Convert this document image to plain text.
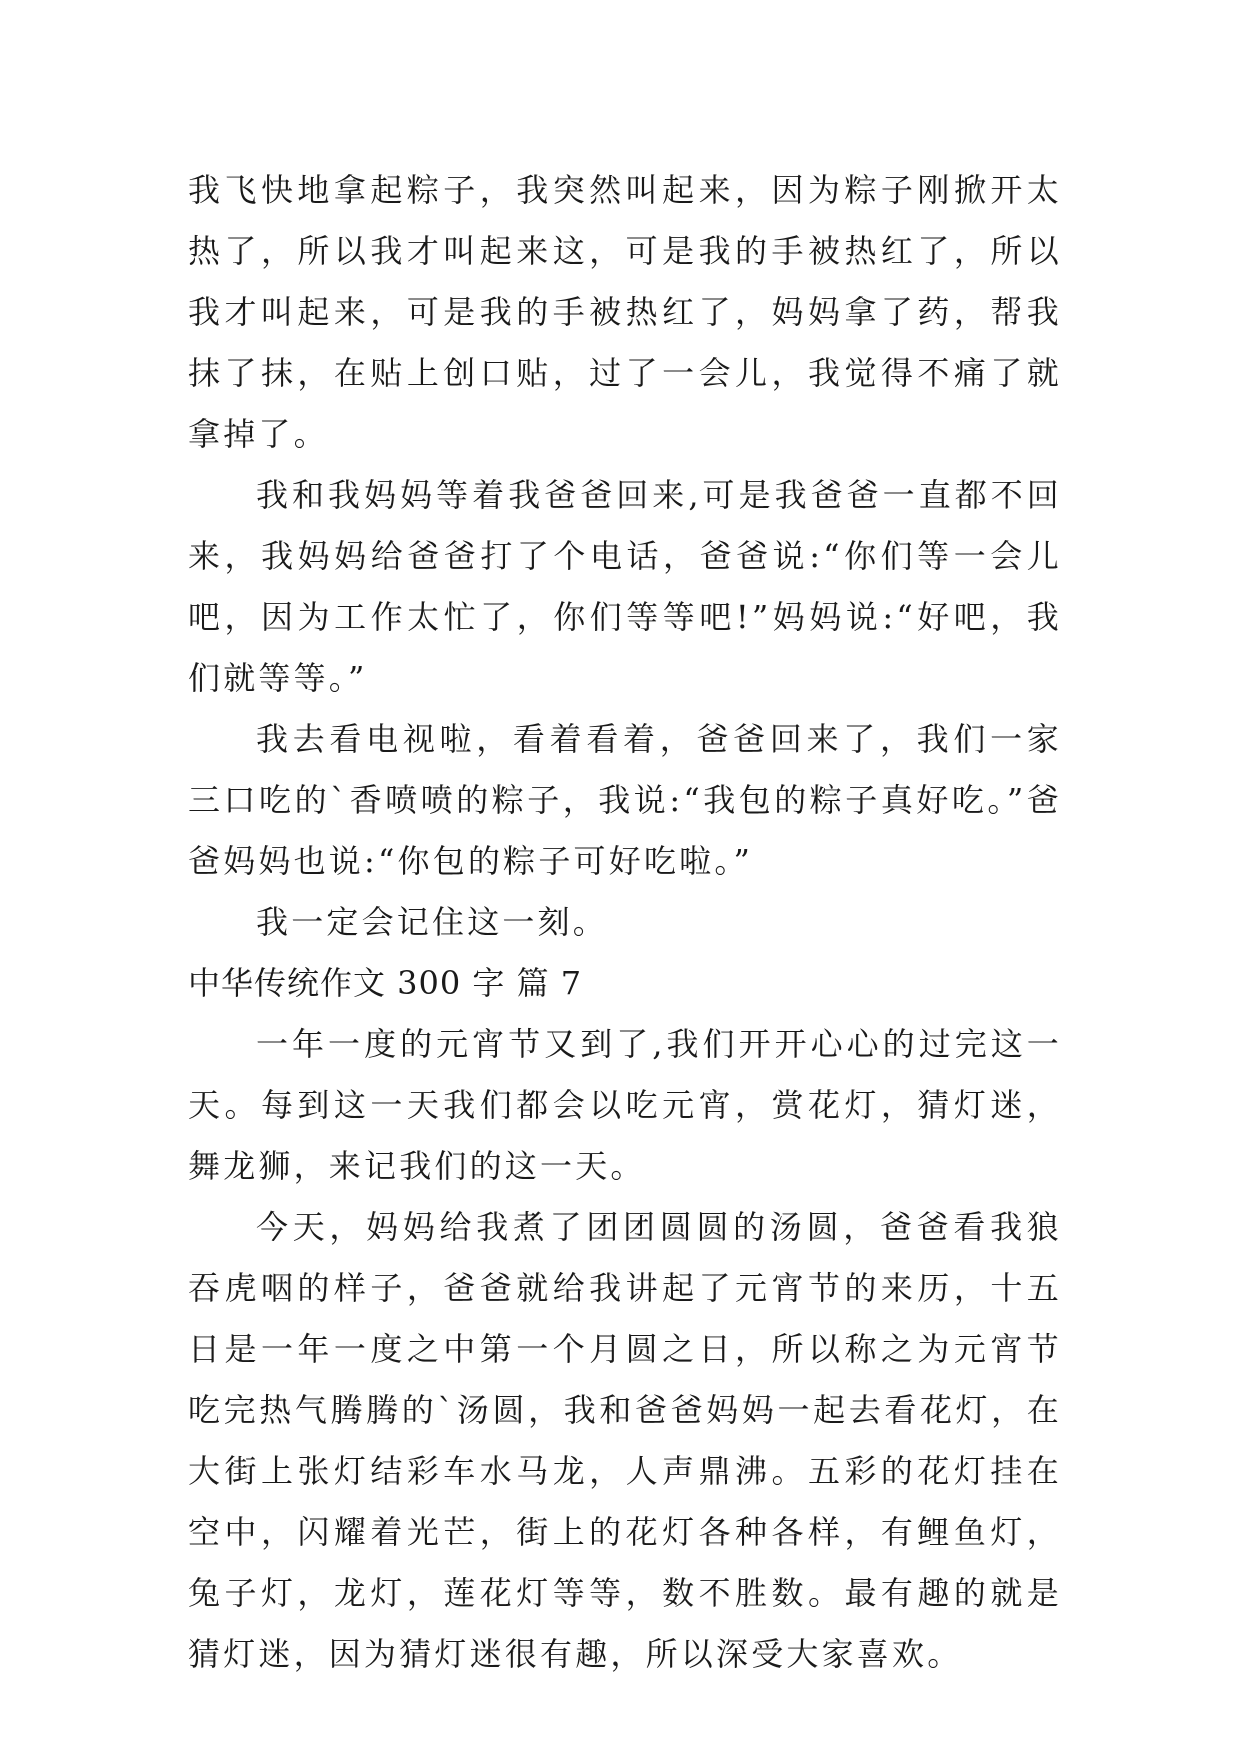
我飞快地拿起粽子，我突然叫起来，因为粽子刚掀开太热了，所以我才叫起来这，可是我的手被热红了，所以我才叫起来，可是我的手被热红了，妈妈拿了药，帮我抹了抹，在贴上创口贴，过了一会儿，我觉得不痛了就拿掉了。

我和我妈妈等着我爸爸回来,可是我爸爸一直都不回来，我妈妈给爸爸打了个电话，爸爸说:“你们等一会儿吧，因为工作太忙了，你们等等吧!”妈妈说:“好吧，我们就等等。”

我去看电视啦，看着看着，爸爸回来了，我们一家三口吃的`香喷喷的粽子，我说:“我包的粽子真好吃。”爸爸妈妈也说:“你包的粽子可好吃啦。”

我一定会记住这一刻。

中华传统作文 300 字 篇 7

一年一度的元宵节又到了,我们开开心心的过完这一天。每到这一天我们都会以吃元宵，赏花灯，猜灯迷，舞龙狮，来记我们的这一天。

今天，妈妈给我煮了团团圆圆的汤圆，爸爸看我狼吞虎咽的样子，爸爸就给我讲起了元宵节的来历，十五日是一年一度之中第一个月圆之日，所以称之为元宵节吃完热气腾腾的`汤圆，我和爸爸妈妈一起去看花灯，在大街上张灯结彩车水马龙，人声鼎沸。五彩的花灯挂在空中，闪耀着光芒，街上的花灯各种各样，有鲤鱼灯，兔子灯，龙灯，莲花灯等等，数不胜数。最有趣的就是猜灯迷，因为猜灯迷很有趣，所以深受大家喜欢。
